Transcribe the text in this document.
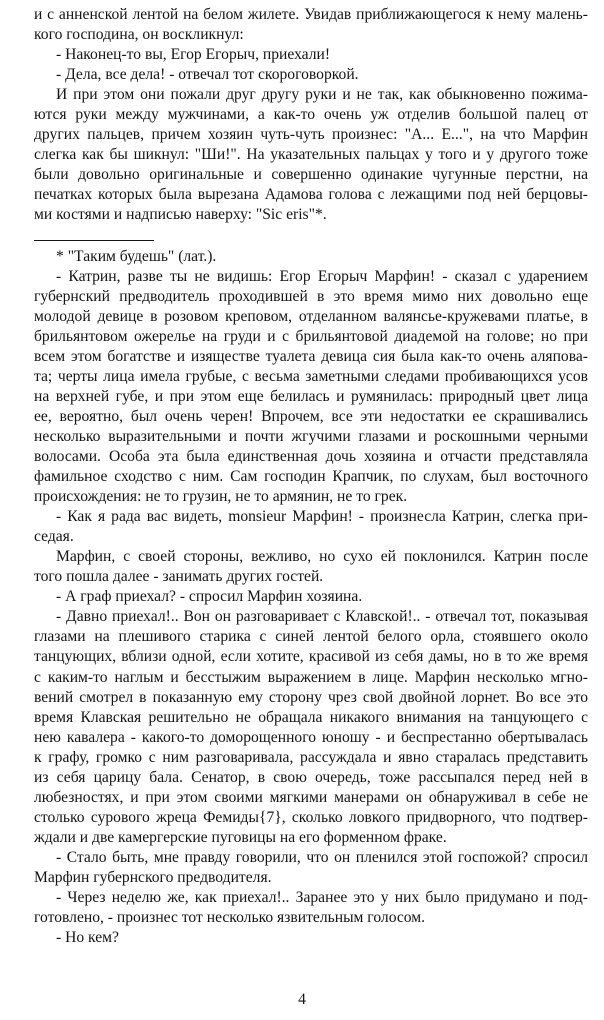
и с анненской лентой на белом жилете. Увидав приближающегося к нему малень-
кого господина, он воскликнул:
- Наконец-то вы, Егор Егорыч, приехали!
- Дела, все дела! - отвечал тот скороговоркой.
И при этом они пожали друг другу руки и не так, как обыкновенно пожима-
ются руки между мужчинами, а как-то очень уж отделив большой палец от
других пальцев, причем хозяин чуть-чуть произнес: "А... Е...", на что Марфин
слегка как бы шикнул: "Ши!". На указательных пальцах у того и у другого тоже
были довольно оригинальные и совершенно одинакие чугунные перстни, на
печатках которых была вырезана Адамова голова с лежащими под ней берцовы-
ми костями и надписью наверху: "Sic eris"*.
* "Таким будешь" (лат.).
- Катрин, разве ты не видишь: Егор Егорыч Марфин! - сказал с ударением
губернский предводитель проходившей в это время мимо них довольно еще
молодой девице в розовом креповом, отделанном валянсье-кружевами платье, в
брильянтовом ожерелье на груди и с брильянтовой диадемой на голове; но при
всем этом богатстве и изяществе туалета девица сия была как-то очень аляпова-
та; черты лица имела грубые, с весьма заметными следами пробивающихся усов
на верхней губе, и при этом еще белилась и румянилась: природный цвет лица
ее, вероятно, был очень черен! Впрочем, все эти недостатки ее скрашивались
несколько выразительными и почти жгучими глазами и роскошными черными
волосами. Особа эта была единственная дочь хозяина и отчасти представляла
фамильное сходство с ним. Сам господин Крапчик, по слухам, был восточного
происхождения: не то грузин, не то армянин, не то грек.
- Как я рада вас видеть, monsieur Марфин! - произнесла Катрин, слегка при-
седая.
Марфин, с своей стороны, вежливо, но сухо ей поклонился. Катрин после
того пошла далее - занимать других гостей.
- А граф приехал? - спросил Марфин хозяина.
- Давно приехал!.. Вон он разговаривает с Клавской!.. - отвечал тот, показывая
глазами на плешивого старика с синей лентой белого орла, стоявшего около
танцующих, вблизи одной, если хотите, красивой из себя дамы, но в то же время
с каким-то наглым и бесстыжим выражением в лице. Марфин несколько мгно-
вений смотрел в показанную ему сторону чрез свой двойной лорнет. Во все это
время Клавская решительно не обращала никакого внимания на танцующего с
нею кавалера - какого-то доморощенного юношу - и беспрестанно обертывалась
к графу, громко с ним разговаривала, рассуждала и явно старалась представить
из себя царицу бала. Сенатор, в свою очередь, тоже рассыпался перед ней в
любезностях, и при этом своими мягкими манерами он обнаруживал в себе не
столько сурового жреца Фемиды{7}, сколько ловкого придворного, что подтвер-
ждали и две камергерские пуговицы на его форменном фраке.
- Стало быть, мне правду говорили, что он пленился этой госпожой? спросил
Марфин губернского предводителя.
- Через неделю же, как приехал!.. Заранее это у них было придумано и под-
готовлено, - произнес тот несколько язвительным голосом.
- Но кем?
4
